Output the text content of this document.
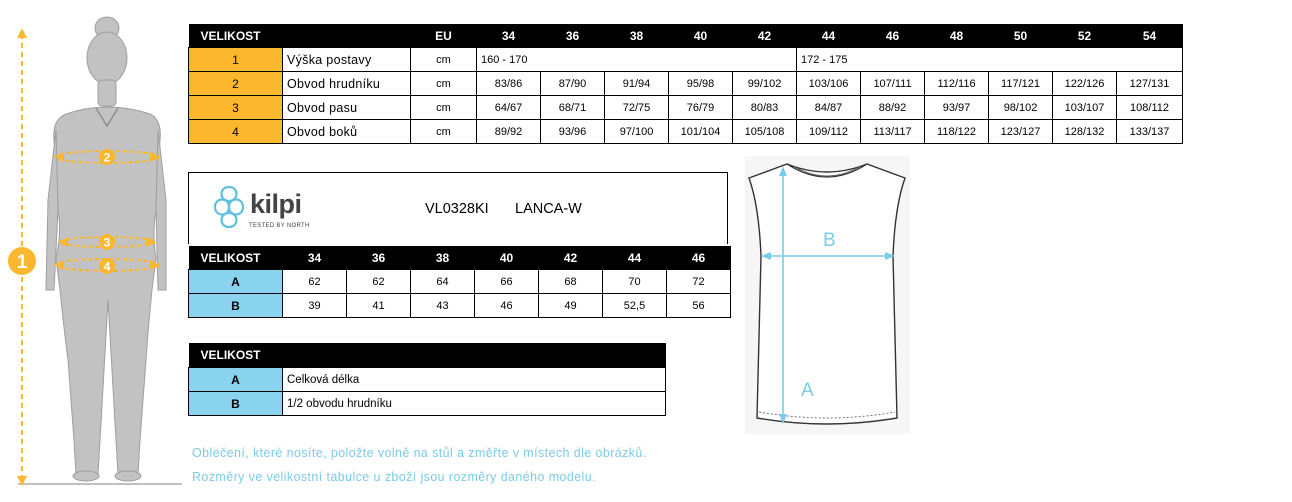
2
3
4
1
VELIKOST		EU	34	36	38	40	42	44	46	48	50	52	54
1	Výška postavy	cm	160 - 170					172 - 175					
2	Obvod hrudníku	cm	83/86	87/90	91/94	95/98	99/102	103/106	107/111	112/116	117/121	122/126	127/131
3	Obvod pasu	cm	64/67	68/71	72/75	76/79	80/83	84/87	88/92	93/97	98/102	103/107	108/112
4	Obvod boků	cm	89/92	93/96	97/100	101/104	105/108	109/112	113/117	118/122	123/127	128/132	133/137
kilpi
TESTED BY NORTH
VL0328KI LANCA-W
VELIKOST	34	36	38	40	42	44	46
A	62	62	64	66	68	70	72
B	39	41	43	46	49	52,5	56
VELIKOST	
A	Celková délka
B	1/2 obvodu hrudníku
B
A
Oblečení, které nosíte, položte volně na stůl a změřte v místech dle obrázků.
Rozměry ve velikostní tabulce u zboží jsou rozměry daného modelu.
